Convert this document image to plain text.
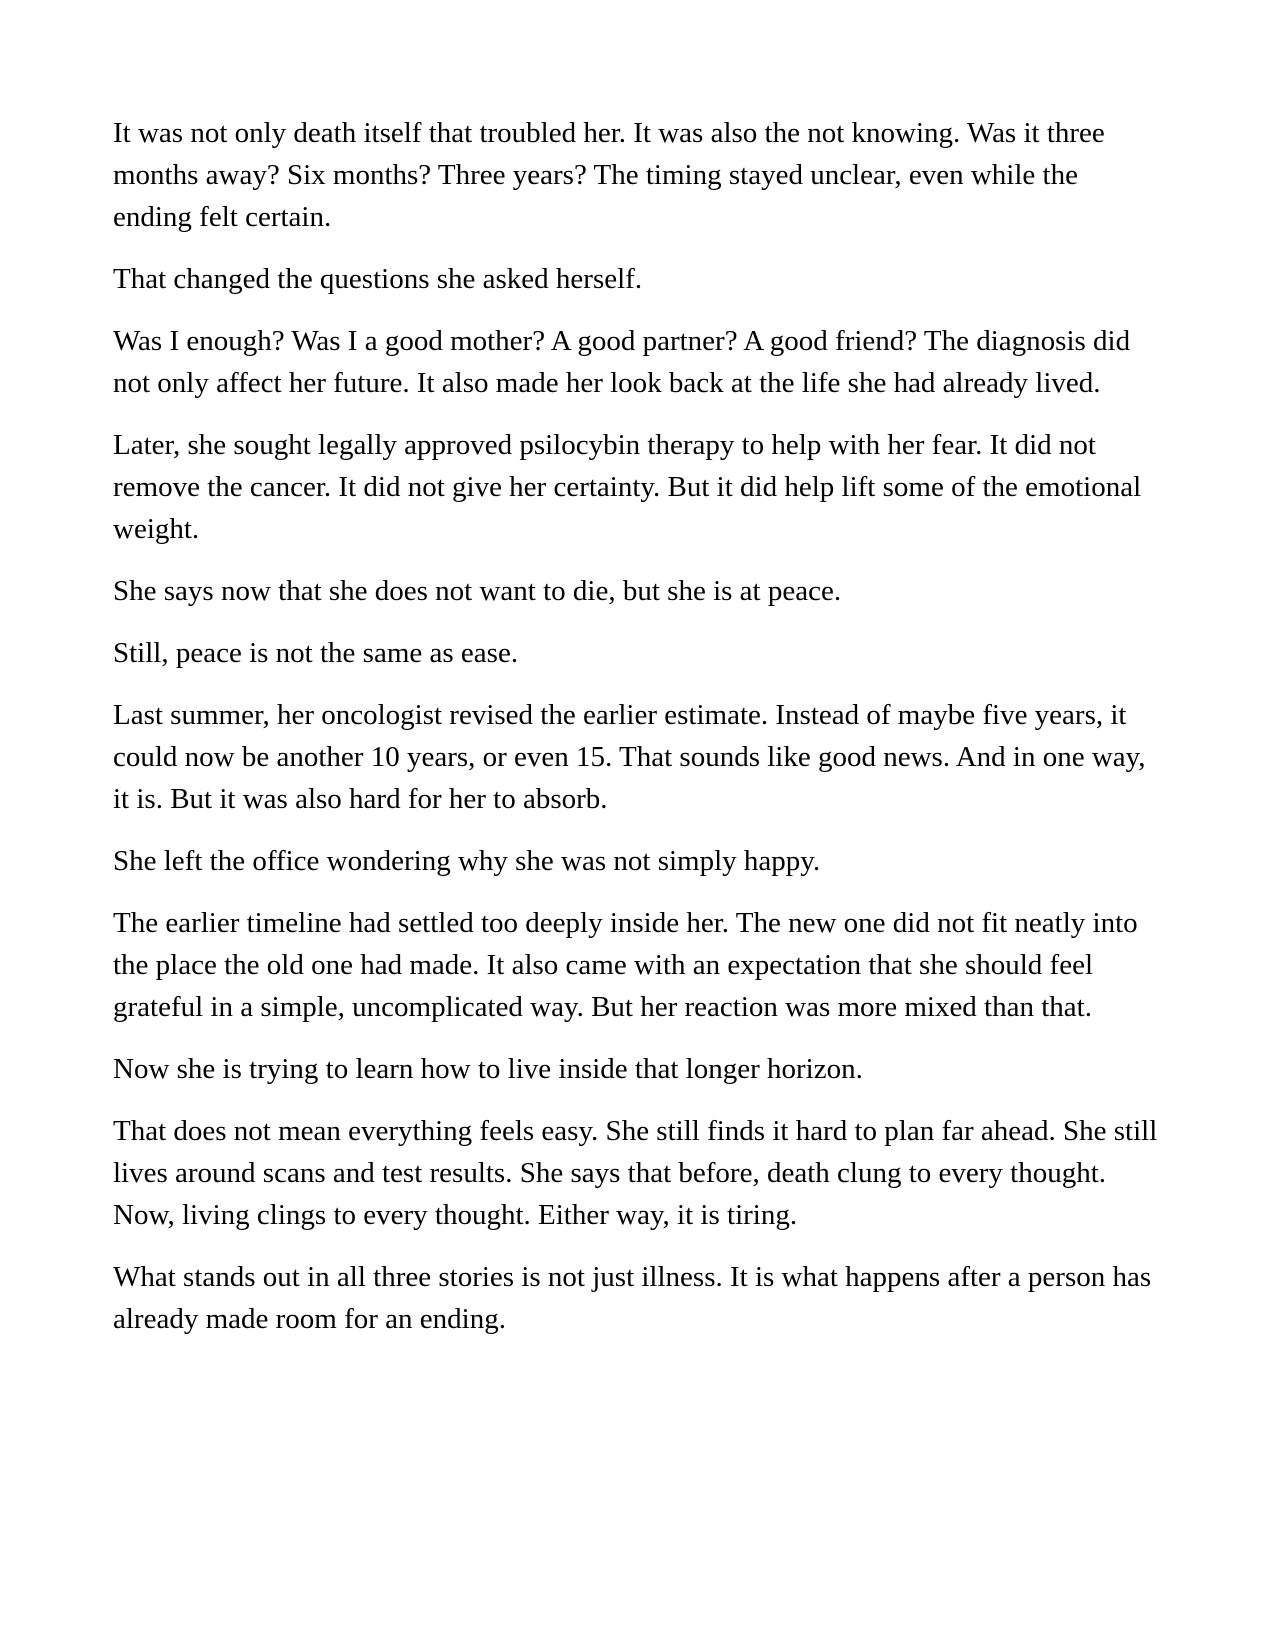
It was not only death itself that troubled her. It was also the not knowing. Was it three months away? Six months? Three years? The timing stayed unclear, even while the ending felt certain.

That changed the questions she asked herself.

Was I enough? Was I a good mother? A good partner? A good friend? The diagnosis did not only affect her future. It also made her look back at the life she had already lived.

Later, she sought legally approved psilocybin therapy to help with her fear. It did not remove the cancer. It did not give her certainty. But it did help lift some of the emotional weight.

She says now that she does not want to die, but she is at peace.

Still, peace is not the same as ease.

Last summer, her oncologist revised the earlier estimate. Instead of maybe five years, it could now be another 10 years, or even 15. That sounds like good news. And in one way, it is. But it was also hard for her to absorb.

She left the office wondering why she was not simply happy.

The earlier timeline had settled too deeply inside her. The new one did not fit neatly into the place the old one had made. It also came with an expectation that she should feel grateful in a simple, uncomplicated way. But her reaction was more mixed than that.

Now she is trying to learn how to live inside that longer horizon.

That does not mean everything feels easy. She still finds it hard to plan far ahead. She still lives around scans and test results. She says that before, death clung to every thought. Now, living clings to every thought. Either way, it is tiring.

What stands out in all three stories is not just illness. It is what happens after a person has already made room for an ending.
